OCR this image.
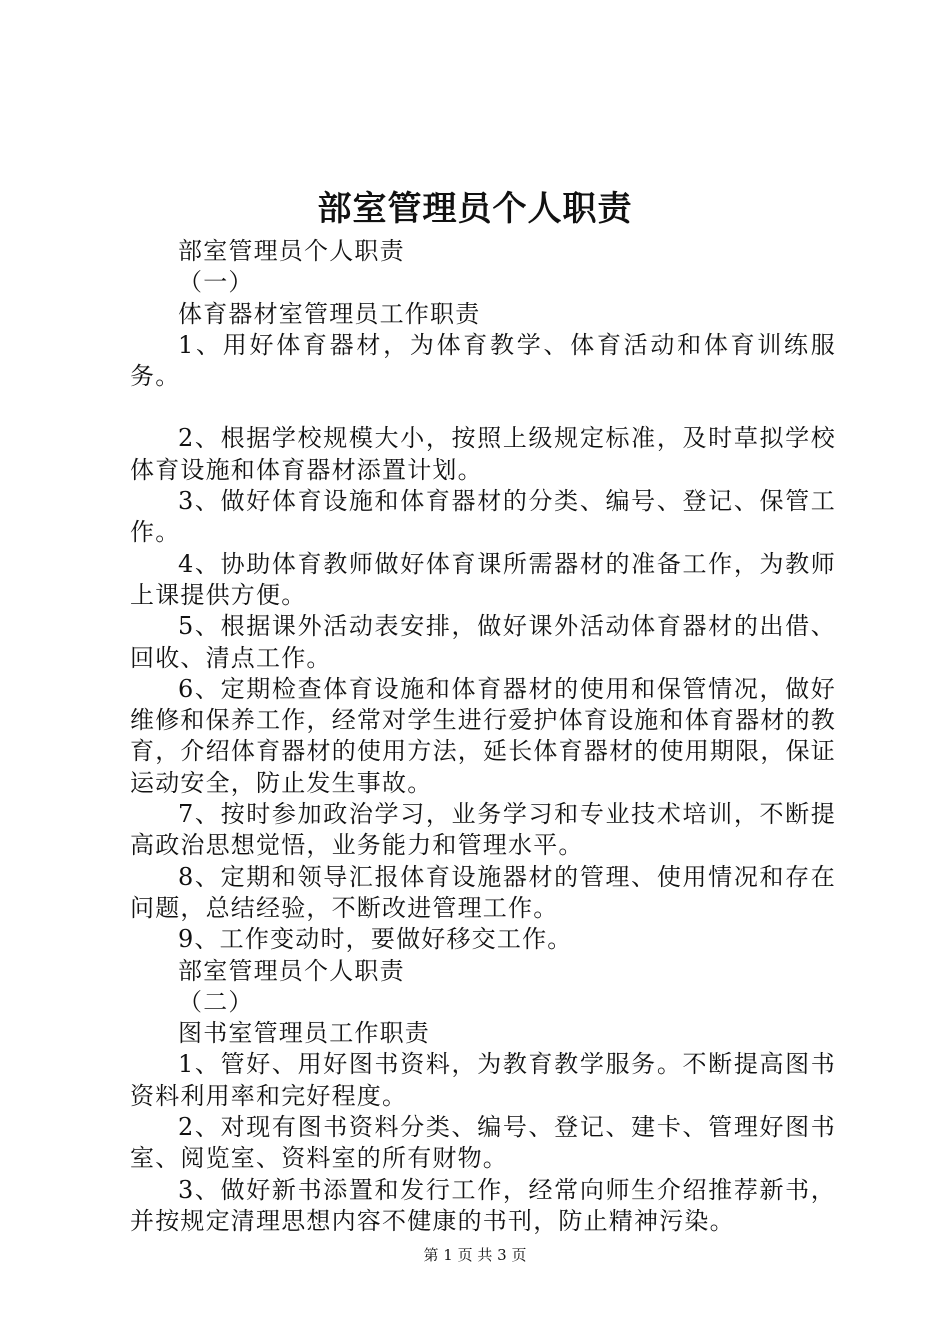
部室管理员个人职责

部室管理员个人职责

（一）

体育器材室管理员工作职责

1、用好体育器材，为体育教学、体育活动和体育训练服务。

2、根据学校规模大小，按照上级规定标准，及时草拟学校体育设施和体育器材添置计划。

3、做好体育设施和体育器材的分类、编号、登记、保管工作。

4、协助体育教师做好体育课所需器材的准备工作，为教师上课提供方便。

5、根据课外活动表安排，做好课外活动体育器材的出借、回收、清点工作。

6、定期检查体育设施和体育器材的使用和保管情况，做好维修和保养工作，经常对学生进行爱护体育设施和体育器材的教育，介绍体育器材的使用方法，延长体育器材的使用期限，保证运动安全，防止发生事故。

7、按时参加政治学习，业务学习和专业技术培训，不断提高政治思想觉悟，业务能力和管理水平。

8、定期和领导汇报体育设施器材的管理、使用情况和存在问题，总结经验，不断改进管理工作。

9、工作变动时，要做好移交工作。

部室管理员个人职责

（二）

图书室管理员工作职责

1、管好、用好图书资料，为教育教学服务。不断提高图书资料利用率和完好程度。

2、对现有图书资料分类、编号、登记、建卡、管理好图书室、阅览室、资料室的所有财物。

3、做好新书添置和发行工作，经常向师生介绍推荐新书，并按规定清理思想内容不健康的书刊，防止精神污染。

第 1 页 共 3 页
